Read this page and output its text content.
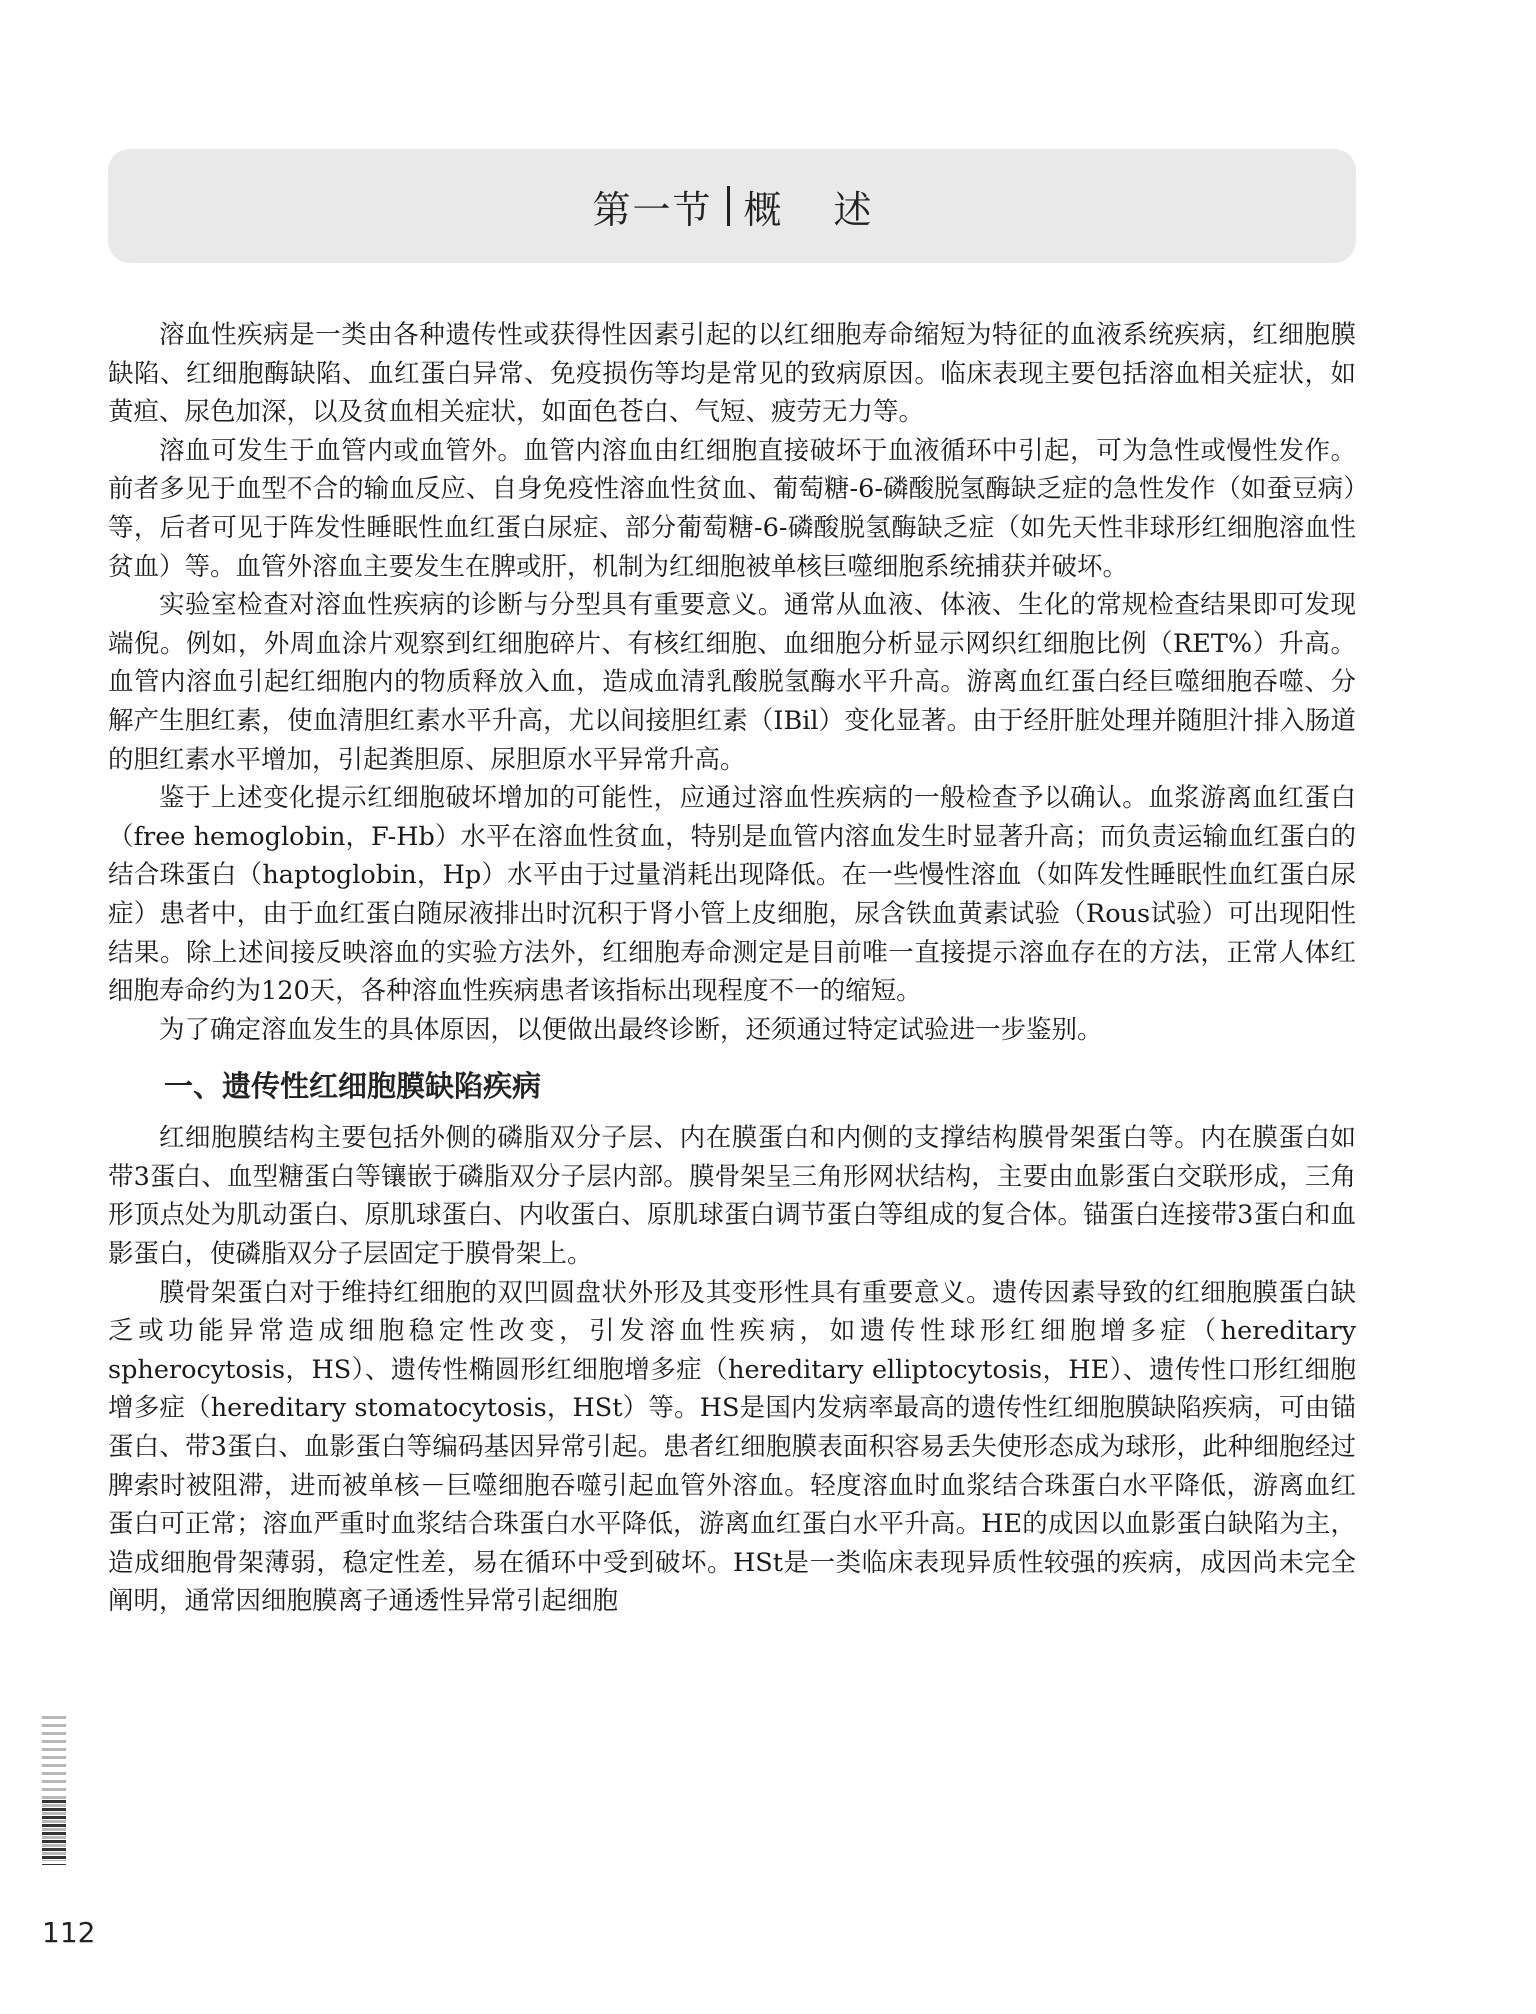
第一节 概述

溶血性疾病是一类由各种遗传性或获得性因素引起的以红细胞寿命缩短为特征的血液系统疾病，红细胞膜缺陷、红细胞酶缺陷、血红蛋白异常、免疫损伤等均是常见的致病原因。临床表现主要包括溶血相关症状，如黄疸、尿色加深，以及贫血相关症状，如面色苍白、气短、疲劳无力等。

溶血可发生于血管内或血管外。血管内溶血由红细胞直接破坏于血液循环中引起，可为急性或慢性发作。前者多见于血型不合的输血反应、自身免疫性溶血性贫血、葡萄糖-6-磷酸脱氢酶缺乏症的急性发作（如蚕豆病）等，后者可见于阵发性睡眠性血红蛋白尿症、部分葡萄糖-6-磷酸脱氢酶缺乏症（如先天性非球形红细胞溶血性贫血）等。血管外溶血主要发生在脾或肝，机制为红细胞被单核巨噬细胞系统捕获并破坏。

实验室检查对溶血性疾病的诊断与分型具有重要意义。通常从血液、体液、生化的常规检查结果即可发现端倪。例如，外周血涂片观察到红细胞碎片、有核红细胞、血细胞分析显示网织红细胞比例（RET%）升高。血管内溶血引起红细胞内的物质释放入血，造成血清乳酸脱氢酶水平升高。游离血红蛋白经巨噬细胞吞噬、分解产生胆红素，使血清胆红素水平升高，尤以间接胆红素（IBil）变化显著。由于经肝脏处理并随胆汁排入肠道的胆红素水平增加，引起粪胆原、尿胆原水平异常升高。

鉴于上述变化提示红细胞破坏增加的可能性，应通过溶血性疾病的一般检查予以确认。血浆游离血红蛋白（free hemoglobin，F-Hb）水平在溶血性贫血，特别是血管内溶血发生时显著升高；而负责运输血红蛋白的结合珠蛋白（haptoglobin，Hp）水平由于过量消耗出现降低。在一些慢性溶血（如阵发性睡眠性血红蛋白尿症）患者中，由于血红蛋白随尿液排出时沉积于肾小管上皮细胞，尿含铁血黄素试验（Rous试验）可出现阳性结果。除上述间接反映溶血的实验方法外，红细胞寿命测定是目前唯一直接提示溶血存在的方法，正常人体红细胞寿命约为120天，各种溶血性疾病患者该指标出现程度不一的缩短。

为了确定溶血发生的具体原因，以便做出最终诊断，还须通过特定试验进一步鉴别。

一、遗传性红细胞膜缺陷疾病

红细胞膜结构主要包括外侧的磷脂双分子层、内在膜蛋白和内侧的支撑结构膜骨架蛋白等。内在膜蛋白如带3蛋白、血型糖蛋白等镶嵌于磷脂双分子层内部。膜骨架呈三角形网状结构，主要由血影蛋白交联形成，三角形顶点处为肌动蛋白、原肌球蛋白、内收蛋白、原肌球蛋白调节蛋白等组成的复合体。锚蛋白连接带3蛋白和血影蛋白，使磷脂双分子层固定于膜骨架上。

膜骨架蛋白对于维持红细胞的双凹圆盘状外形及其变形性具有重要意义。遗传因素导致的红细胞膜蛋白缺乏或功能异常造成细胞稳定性改变，引发溶血性疾病，如遗传性球形红细胞增多症（hereditary spherocytosis，HS）、遗传性椭圆形红细胞增多症（hereditary elliptocytosis，HE）、遗传性口形红细胞增多症（hereditary stomatocytosis，HSt）等。HS是国内发病率最高的遗传性红细胞膜缺陷疾病，可由锚蛋白、带3蛋白、血影蛋白等编码基因异常引起。患者红细胞膜表面积容易丢失使形态成为球形，此种细胞经过脾索时被阻滞，进而被单核－巨噬细胞吞噬引起血管外溶血。轻度溶血时血浆结合珠蛋白水平降低，游离血红蛋白可正常；溶血严重时血浆结合珠蛋白水平降低，游离血红蛋白水平升高。HE的成因以血影蛋白缺陷为主，造成细胞骨架薄弱，稳定性差，易在循环中受到破坏。HSt是一类临床表现异质性较强的疾病，成因尚未完全阐明，通常因细胞膜离子通透性异常引起细胞

112
